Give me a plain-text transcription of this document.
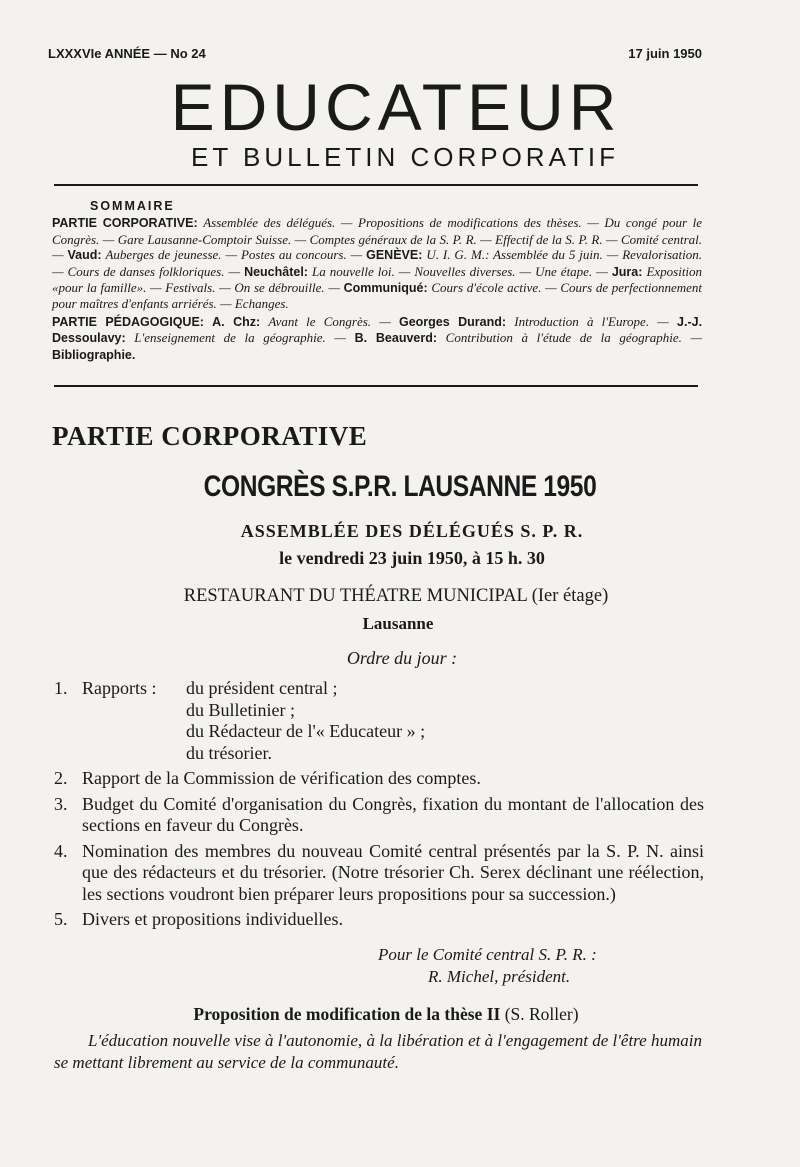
LXXXVIe ANNÉE — No 24	17 juin 1950
EDUCATEUR
ET BULLETIN CORPORATIF
SOMMAIRE
PARTIE CORPORATIVE: Assemblée des délégués. — Propositions de modifications des thèses. — Du congé pour le Congrès. — Gare Lausanne-Comptoir Suisse. — Comptes généraux de la S. P. R. — Effectif de la S. P. R. — Comité central. — Vaud: Auberges de jeunesse. — Postes au concours. — GENÈVE: U. I. G. M.: Assemblée du 5 juin. — Revalorisation. — Cours de danses folkloriques. — Neuchâtel: La nouvelle loi. — Nouvelles diverses. — Une étape. — Jura: Exposition «pour la famille». — Festivals. — On se débrouille. — Communiqué: Cours d'école active. — Cours de perfectionnement pour maîtres d'enfants arriérés. — Echanges.
PARTIE PÉDAGOGIQUE: A. Chz: Avant le Congrès. — Georges Durand: Introduction à l'Europe. — J.-J. Dessoulavy: L'enseignement de la géographie. — B. Beauverd: Contribution à l'étude de la géographie. — Bibliographie.
PARTIE CORPORATIVE
CONGRÈS S.P.R. LAUSANNE 1950
ASSEMBLÉE DES DÉLÉGUÉS S. P. R.
le vendredi 23 juin 1950, à 15 h. 30
RESTAURANT DU THÉATRE MUNICIPAL (Ier étage)
Lausanne
Ordre du jour :
1. Rapports :	du président central ;
du Bulletinier ;
du Rédacteur de l'« Educateur » ;
du trésorier.
2. Rapport de la Commission de vérification des comptes.
3. Budget du Comité d'organisation du Congrès, fixation du montant de l'allocation des sections en faveur du Congrès.
4. Nomination des membres du nouveau Comité central présentés par la S. P. N. ainsi que des rédacteurs et du trésorier. (Notre trésorier Ch. Serex déclinant une réélection, les sections voudront bien préparer leurs propositions pour sa succession.)
5. Divers et propositions individuelles.
Pour le Comité central S. P. R. :
R. Michel, président.
Proposition de modification de la thèse II (S. Roller)
L'éducation nouvelle vise à l'autonomie, à la libération et à l'engagement de l'être humain se mettant librement au service de la communauté.
